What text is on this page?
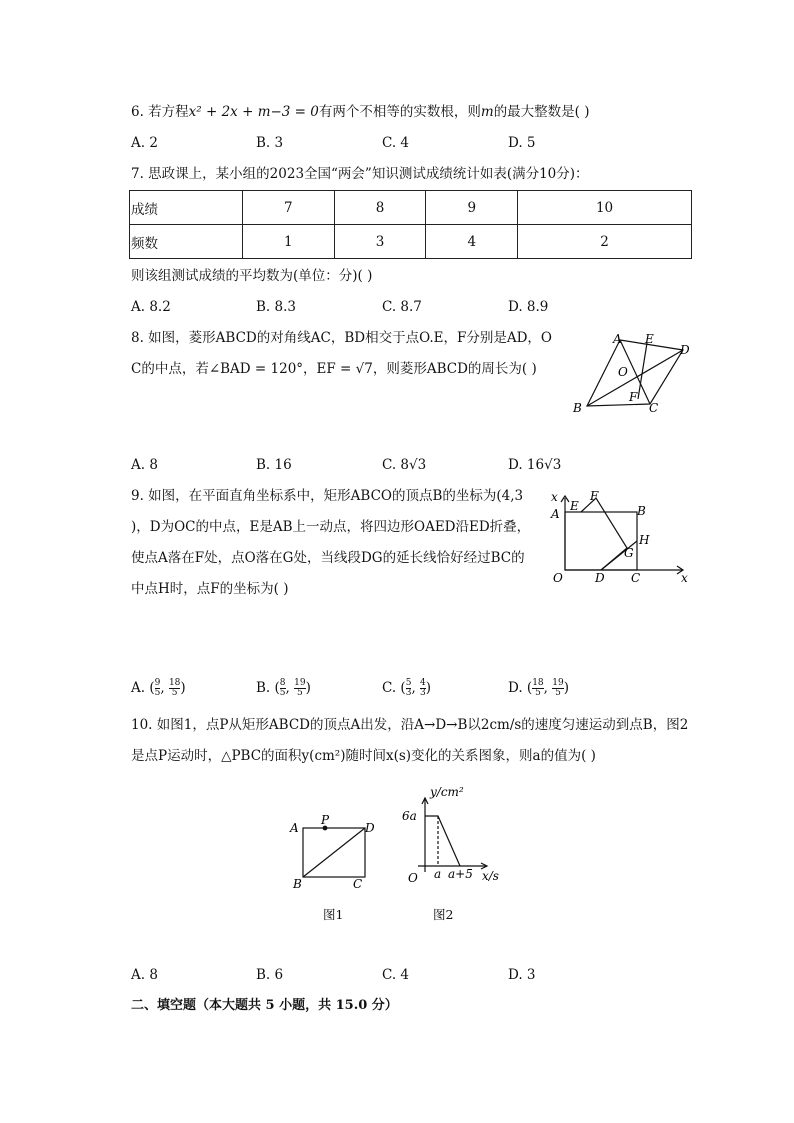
6. 若方程x² + 2x + m−3 = 0有两个不相等的实数根，则m的最大整数是( )
A. 2	B. 3	C. 4	D. 5
7. 思政课上，某小组的2023全国“两会”知识测试成绩统计如表(满分10分)：
成绩	7	8	9	10
频数	1	3	4	2
则该组测试成绩的平均数为(单位：分)( )
A. 8.2	B. 8.3	C. 8.7	D. 8.9
8. 如图，菱形ABCD的对角线AC，BD相交于点O.E，F分别是AD，O
C的中点，若∠BAD = 120°，EF = √7，则菱形ABCD的周长为( )
A E
D
O
B
F
C
A. 8	B. 16	C. 8√3	D. 16√3
9. 如图，在平面直角坐标系中，矩形ABCO的顶点B的坐标为(4,3
)，D为OC的中点，E是AB上一动点，将四边形OAED沿ED折叠，
使点A落在F处，点O落在G处，当线段DG的延长线恰好经过BC的
中点H时，点F的坐标为( )
x	F
A
E	B
H
G
O	D C	x
A. ( $\frac{9}{5}$ , $\frac{18}{5}$ )	B. ( $\frac{8}{5}$ , $\frac{19}{5}$ )	C. ( $\frac{5}{3}$ , $\frac{4}{3}$ )	D. ( $\frac{18}{5}$ , $\frac{19}{5}$ )
10. 如图1，点P从矩形ABCD的顶点A出发，沿A→D→B以2cm/s的速度匀速运动到点B，图2
是点P运动时，△PBC的面积y(cm²)随时间x(s)变化的关系图象，则a的值为( )
A
P
D
B	C
图1
y/cm²
6a
O a a+5 x/s
图2
A. 8	B. 6	C. 4	D. 3
二、填空题（本大题共 5 小题，共 15.0 分）
